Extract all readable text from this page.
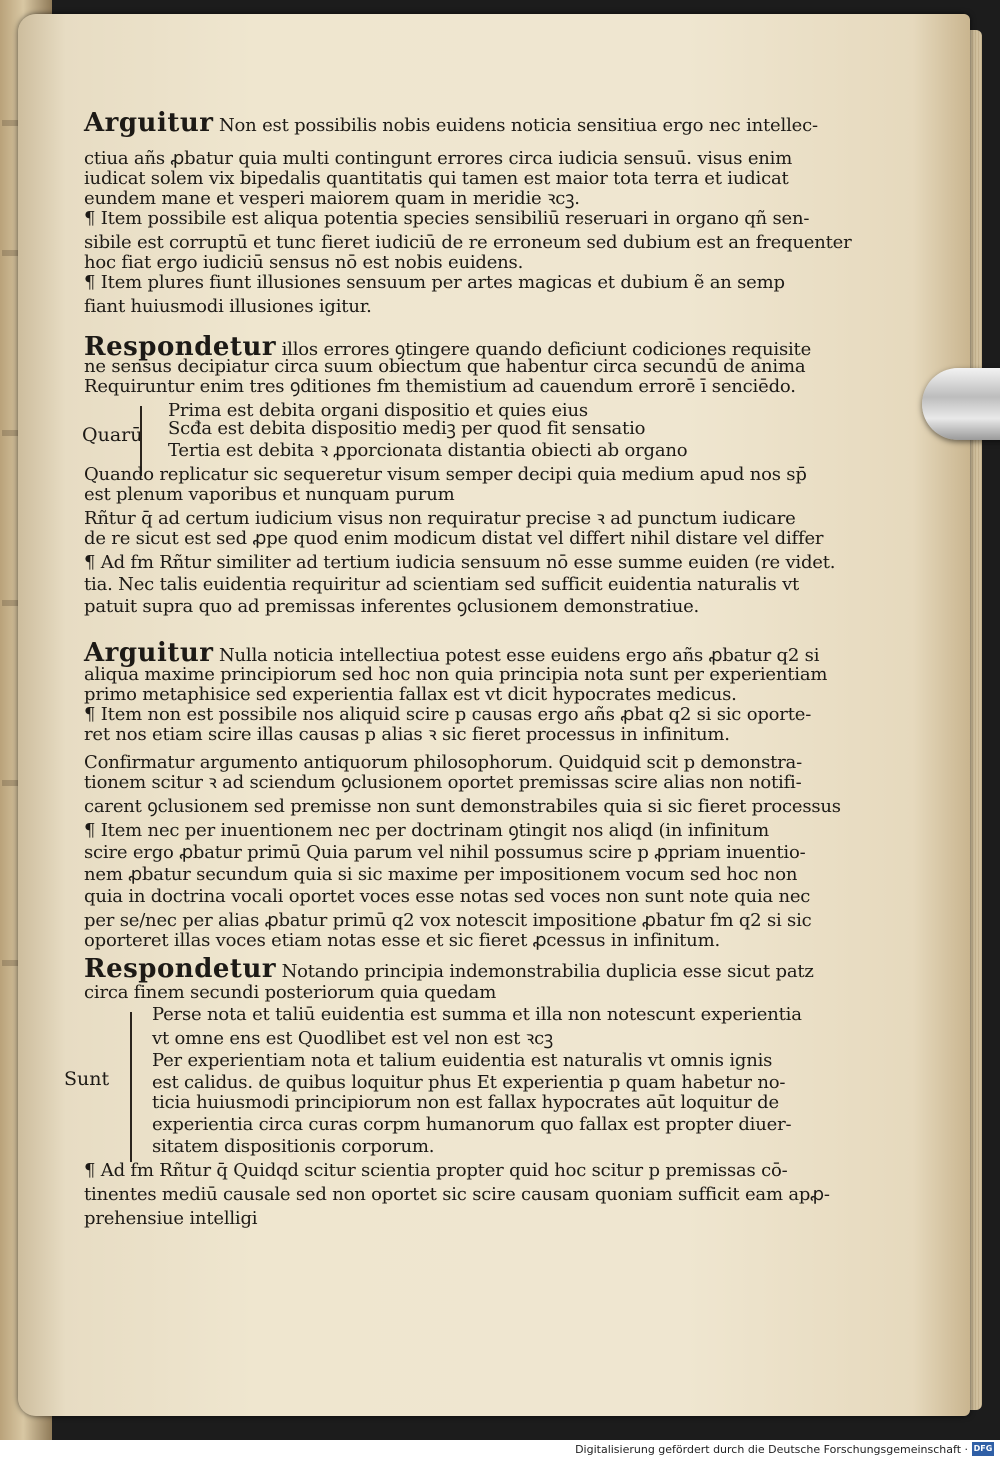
Quarū
Sunt
Arguitur Non est possibilis nobis euidens noticia sensitiua ergo nec intellec-
ctiua añs ꝓbatur quia multi contingunt errores circa iudicia sensuū. visus enim
iudicat solem vix bipedalis quantitatis qui tamen est maior tota terra et iudicat
eundem mane et vesperi maiorem quam in meridie ꝛcꝫ.
¶ Item possibile est aliqua potentia species sensibiliū reseruari in organo qñ sen-
sibile est corruptū et tunc fieret iudiciū de re erroneum sed dubium est an frequenter
hoc fiat ergo iudiciū sensus nō est nobis euidens.
¶ Item plures fiunt illusiones sensuum per artes magicas et dubium ẽ an semp
fiant huiusmodi illusiones igitur.
Respondetur illos errores ꝯtingere quando deficiunt codiciones requisite
ne sensus decipiatur circa suum obiectum que habentur circa secundū de anima
Requiruntur enim tres ꝯditiones fm themistium ad cauendum errorē ī senciēdo.
Prima est debita organi dispositio et quies eius
Scđa est debita dispositio mediꝫ per quod fit sensatio
Tertia est debita ꝛ ꝓporcionata distantia obiecti ab organo
Quando replicatur sic sequeretur visum semper decipi quia medium apud nos sp̄
est plenum vaporibus et nunquam purum
Rñtur q̄ ad certum iudicium visus non requiratur precise ꝛ ad punctum iudicare
de re sicut est sed ꝓpe quod enim modicum distat vel differt nihil distare vel differ
¶ Ad fm Rñtur similiter ad tertium iudicia sensuum nō esse summe euiden (re videt.
tia. Nec talis euidentia requiritur ad scientiam sed sufficit euidentia naturalis vt
patuit supra quo ad premissas inferentes ꝯclusionem demonstratiue.
Arguitur Nulla noticia intellectiua potest esse euidens ergo añs ꝓbatur q2 si
aliqua maxime principiorum sed hoc non quia principia nota sunt per experientiam
primo metaphisice sed experientia fallax est vt dicit hypocrates medicus.
¶ Item non est possibile nos aliquid scire p causas ergo añs ꝓbat q2 si sic oporte-
ret nos etiam scire illas causas p alias ꝛ sic fieret processus in infinitum.
Confirmatur argumento antiquorum philosophorum. Quidquid scit p demonstra-
tionem scitur ꝛ ad sciendum ꝯclusionem oportet premissas scire alias non notifi-
carent ꝯclusionem sed premisse non sunt demonstrabiles quia si sic fieret processus
¶ Item nec per inuentionem nec per doctrinam ꝯtingit nos aliqd (in infinitum
scire ergo ꝓbatur primū Quia parum vel nihil possumus scire p ꝓpriam inuentio-
nem ꝓbatur secundum quia si sic maxime per impositionem vocum sed hoc non
quia in doctrina vocali oportet voces esse notas sed voces non sunt note quia nec
per se/nec per alias ꝓbatur primū q2 vox notescit impositione ꝓbatur fm q2 si sic
oporteret illas voces etiam notas esse et sic fieret ꝓcessus in infinitum.
Respondetur Notando principia indemonstrabilia duplicia esse sicut patz
circa finem secundi posteriorum quia quedam
Perse nota et taliū euidentia est summa et illa non notescunt experientia
vt omne ens est Quodlibet est vel non est ꝛcꝫ
Per experientiam nota et talium euidentia est naturalis vt omnis ignis
est calidus. de quibus loquitur phus Et experientia p quam habetur no-
ticia huiusmodi principiorum non est fallax hypocrates aūt loquitur de
experientia circa curas corpm humanorum quo fallax est propter diuer-
sitatem dispositionis corporum.
¶ Ad fm Rñtur q̄ Quidqd scitur scientia propter quid hoc scitur p premissas cō-
tinentes mediū causale sed non oportet sic scire causam quoniam sufficit eam apꝓ-
prehensiue intelligi
Digitalisierung gefördert durch die Deutsche Forschungsgemeinschaft · DFG
